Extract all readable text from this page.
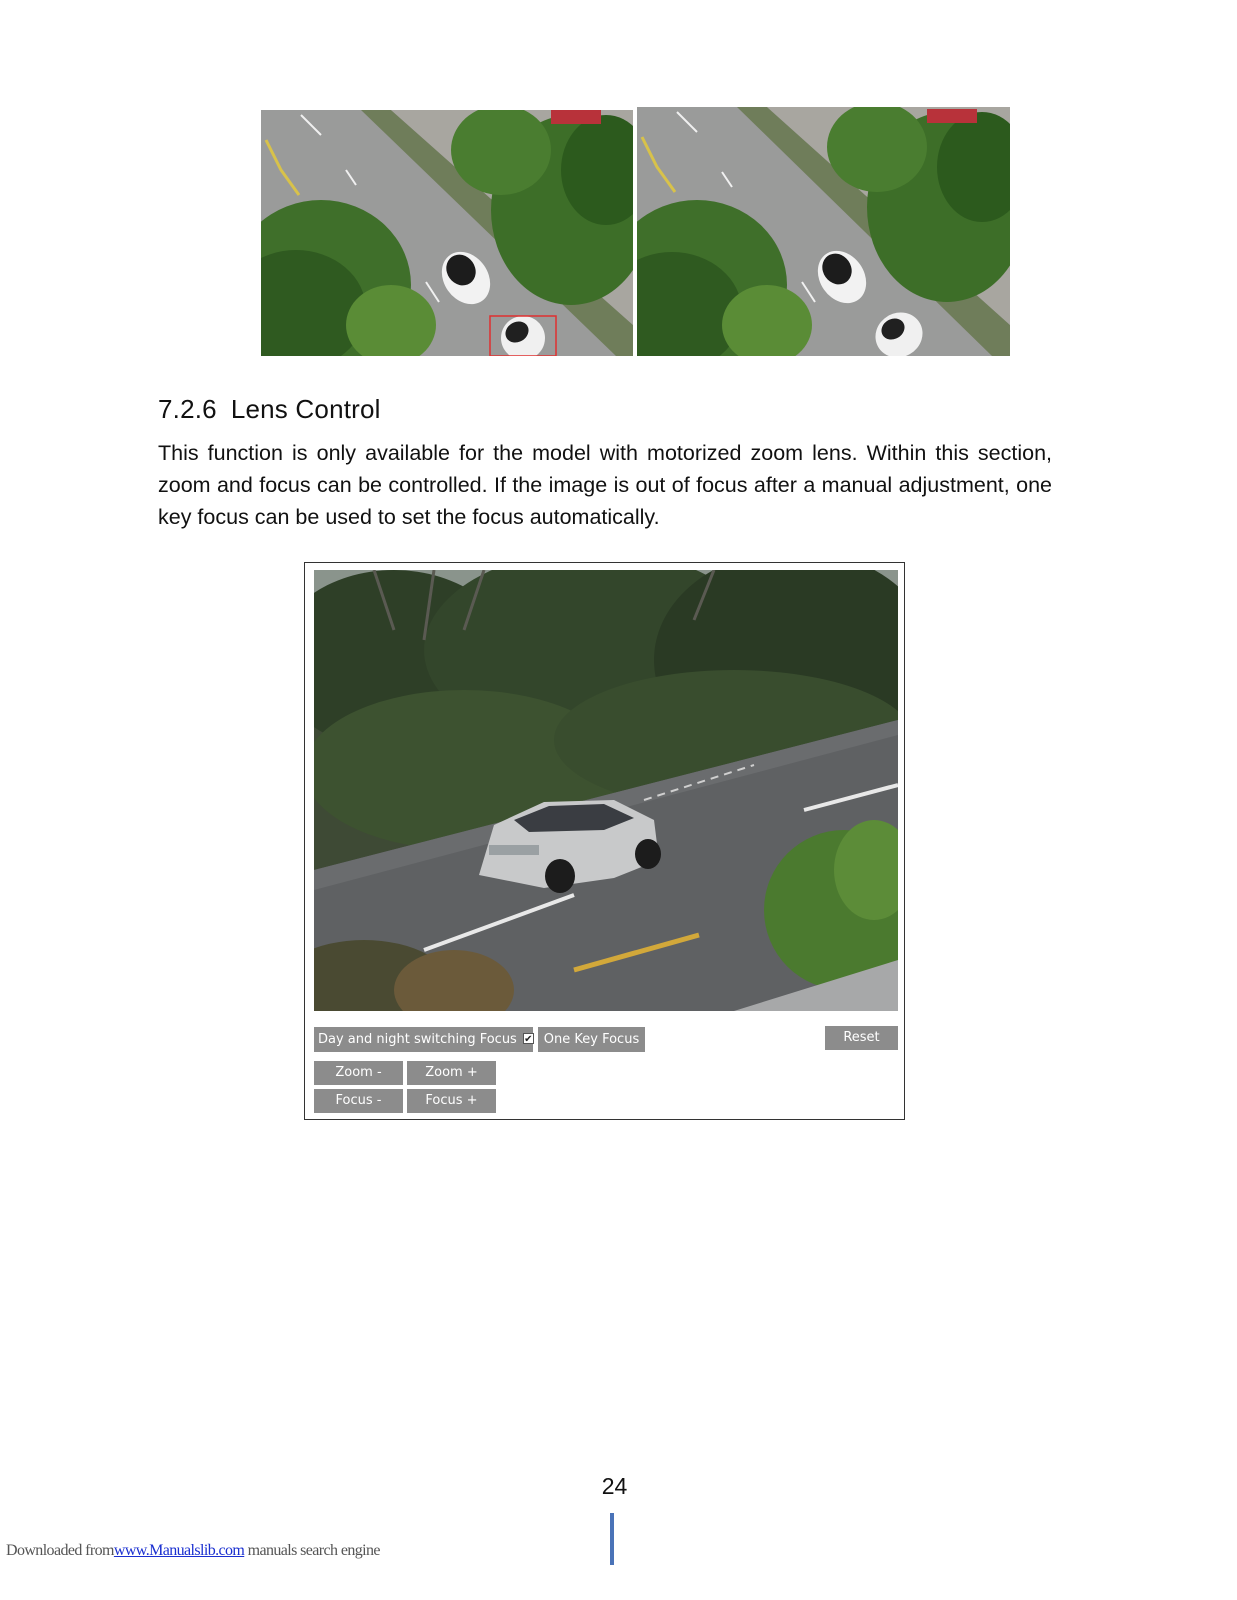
7.2.6 Lens Control

This function is only available for the model with motorized zoom lens. Within this section, zoom and focus can be controlled. If the image is out of focus after a manual adjustment, one key focus can be used to set the focus automatically.

Day and night switching Focus ✔ One Key Focus	Reset
Zoom -	Zoom +
Focus -	Focus +
24
Downloaded fromwww.Manualslib.com manuals search engine
